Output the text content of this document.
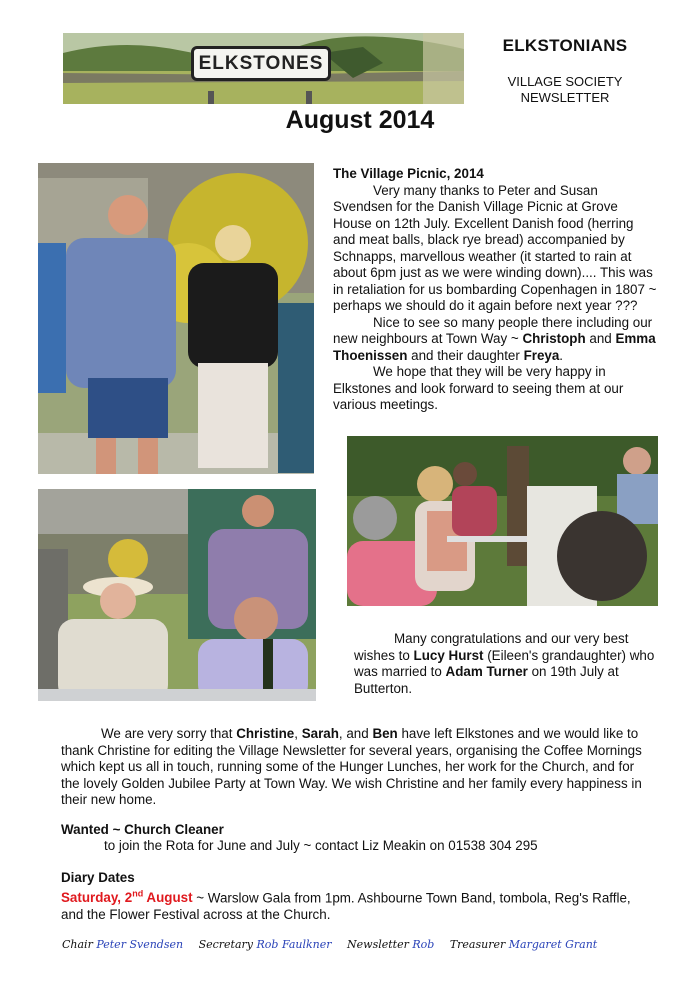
ELKSTONES
ELKSTONIANS
VILLAGE SOCIETY
NEWSLETTER
August 2014
The Village Picnic, 2014
Very many thanks to Peter and Susan Svendsen for the Danish Village Picnic at Grove House on 12th July. Excellent Danish food (herring and meat balls, black rye bread) accompanied by Schnapps, marvellous weather (it started to rain at about 6pm just as we were winding down).... This was in retaliation for us bombarding Copenhagen in 1807 ~ perhaps we should do it again before next year ???
Nice to see so many people there including our new neighbours at Town Way ~ Christoph and Emma Thoenissen and their daughter Freya.
We hope that they will be very happy in Elkstones and look forward to seeing them at our various meetings.
Many congratulations and our very best wishes to Lucy Hurst (Eileen's grandaughter) who was married to Adam Turner on 19th July at Butterton.
We are very sorry that Christine, Sarah, and Ben have left Elkstones and we would like to thank Christine for editing the Village Newsletter for several years, organising the Coffee Mornings which kept us all in touch, running some of the Hunger Lunches, her work for the Church, and for the lovely Golden Jubilee Party at Town Way. We wish Christine and her family every happiness in their new home.
Wanted ~ Church Cleaner
to join the Rota for June and July ~ contact Liz Meakin on 01538 304 295
Diary Dates
Saturday, 2nd August ~ Warslow Gala from 1pm. Ashbourne Town Band, tombola, Reg's Raffle, and the Flower Festival across at the Church.
Chair Peter Svendsen Secretary Rob Faulkner Newsletter Rob Treasurer Margaret Grant
